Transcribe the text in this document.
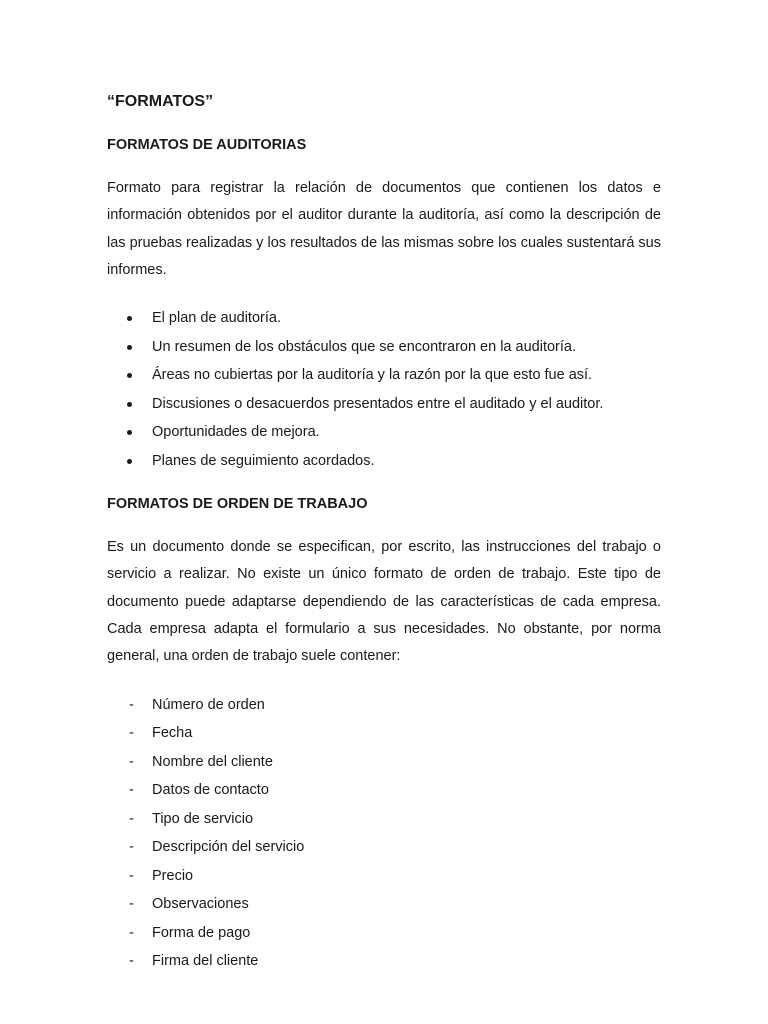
“FORMATOS”
FORMATOS DE AUDITORIAS

Formato para registrar la relación de documentos que contienen los datos e información obtenidos por el auditor durante la auditoría, así como la descripción de las pruebas realizadas y los resultados de las mismas sobre los cuales sustentará sus informes.

El plan de auditoría.
Un resumen de los obstáculos que se encontraron en la auditoría.
Áreas no cubiertas por la auditoría y la razón por la que esto fue así.
Discusiones o desacuerdos presentados entre el auditado y el auditor.
Oportunidades de mejora.
Planes de seguimiento acordados.
FORMATOS DE ORDEN DE TRABAJO

Es un documento donde se especifican, por escrito, las instrucciones del trabajo o servicio a realizar. No existe un único formato de orden de trabajo. Este tipo de documento puede adaptarse dependiendo de las características de cada empresa. Cada empresa adapta el formulario a sus necesidades. No obstante, por norma general, una orden de trabajo suele contener:

- Número de orden
- Fecha
- Nombre del cliente
- Datos de contacto
- Tipo de servicio
- Descripción del servicio
- Precio
- Observaciones
- Forma de pago
- Firma del cliente
